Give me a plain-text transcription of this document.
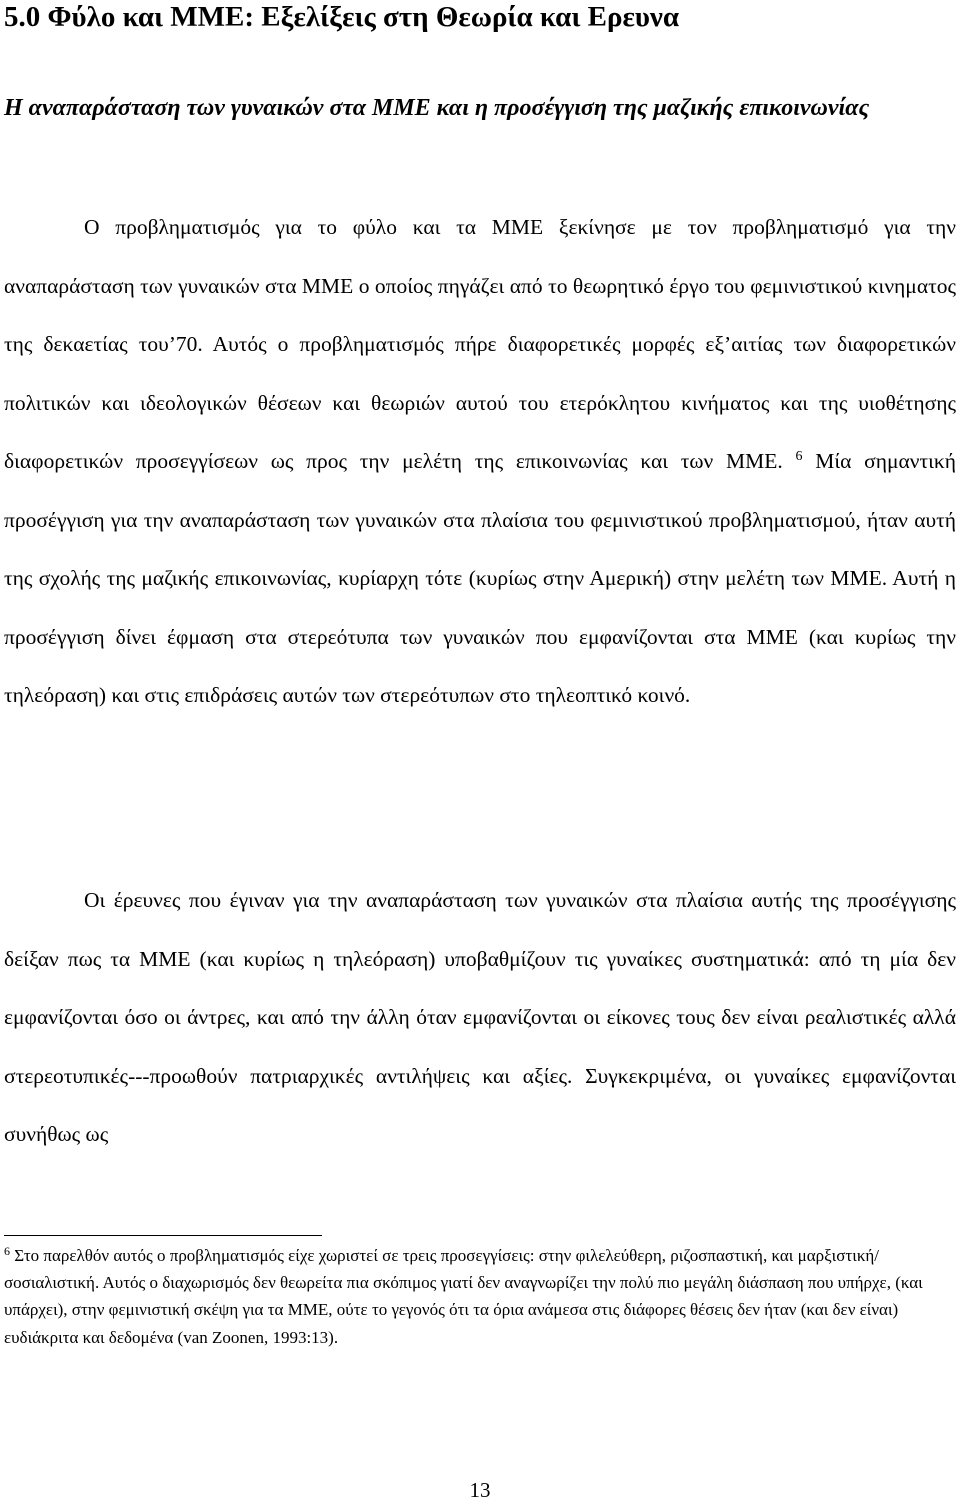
5.0 Φύλο και ΜΜΕ: Εξελίξεις στη Θεωρία και Ερευνα
Η αναπαράσταση των γυναικών στα ΜΜΕ και η προσέγγιση της μαζικής επικοινωνίας

Ο προβληματισμός για το φύλο και τα ΜΜΕ ξεκίνησε με τον προβληματισμό για την αναπαράσταση των γυναικών στα ΜΜΕ ο οποίος πηγάζει από το θεωρητικό έργο του φεμινιστικού κινηματος της δεκαετίας του’70. Αυτός ο προβληματισμός πήρε διαφορετικές μορφές εξ’αιτίας των διαφορετικών πολιτικών και ιδεολογικών θέσεων και θεωριών αυτού του ετερόκλητου κινήματος και της υιοθέτησης διαφορετικών προσεγγίσεων ως προς την μελέτη της επικοινωνίας και των ΜΜΕ. $^6$ Μία σημαντική προσέγγιση για την αναπαράσταση των γυναικών στα πλαίσια του φεμινιστικού προβληματισμού, ήταν αυτή της σχολής της μαζικής επικοινωνίας, κυρίαρχη τότε (κυρίως στην Αμερική) στην μελέτη των ΜΜΕ. Αυτή η προσέγγιση δίνει έφμαση στα στερεότυπα των γυναικών που εμφανίζονται στα ΜΜΕ (και κυρίως την τηλεόραση) και στις επιδράσεις αυτών των στερεότυπων στο τηλεοπτικό κοινό.

Οι έρευνες που έγιναν για την αναπαράσταση των γυναικών στα πλαίσια αυτής της προσέγγισης δείξαν πως τα ΜΜΕ (και κυρίως η τηλεόραση) υποβαθμίζουν τις γυναίκες συστηματικά: από τη μία δεν εμφανίζονται όσο οι άντρες, και από την άλλη όταν εμφανίζονται οι είκονες τους δεν είναι ρεαλιστικές αλλά στερεοτυπικές---προωθούν πατριαρχικές αντιλήψεις και αξίες. Συγκεκριμένα, οι γυναίκες εμφανίζονται συνήθως ως

$^6$ Στο παρελθόν αυτός ο προβληματισμός είχε χωριστεί σε τρεις προσεγγίσεις: στην φιλελεύθερη, ριζοσπαστική, και μαρξιστική/σοσιαλιστική. Αυτός ο διαχωρισμός δεν θεωρείτα πια σκόπιμος γιατί δεν αναγνωρίζει την πολύ πιο μεγάλη διάσπαση που υπήρχε, (και υπάρχει), στην φεμινιστική σκέψη για τα ΜΜΕ, ούτε το γεγονός ότι τα όρια ανάμεσα στις διάφορες θέσεις δεν ήταν (και δεν είναι) ευδιάκριτα και δεδομένα (van Zoonen, 1993:13).

13
